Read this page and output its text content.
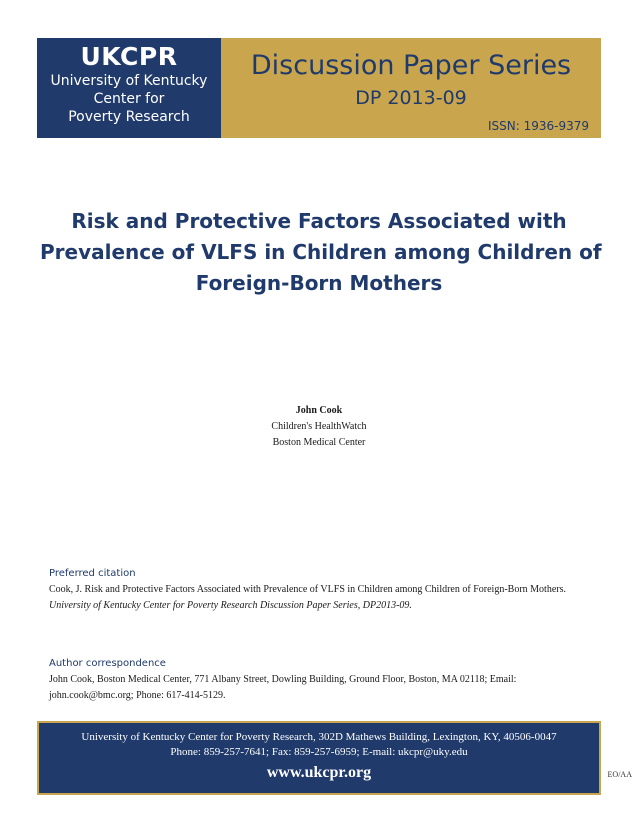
UKCPR
University of Kentucky
Center for
Poverty Research
Discussion Paper Series
DP 2013-09
ISSN: 1936-9379
Risk and Protective Factors Associated with
Prevalence of VLFS in Children among Children of
Foreign-Born Mothers
John Cook
Children's HealthWatch
Boston Medical Center
Preferred citation
Cook, J. Risk and Protective Factors Associated with Prevalence of VLFS in Children among Children of Foreign-Born Mothers. University of Kentucky Center for Poverty Research Discussion Paper Series, DP2013-09.
Author correspondence
John Cook, Boston Medical Center, 771 Albany Street, Dowling Building, Ground Floor, Boston, MA 02118; Email: john.cook@bmc.org; Phone: 617-414-5129.
University of Kentucky Center for Poverty Research, 302D Mathews Building, Lexington, KY, 40506-0047
Phone: 859-257-7641; Fax: 859-257-6959; E-mail: ukcpr@uky.edu
www.ukcpr.org	EO/AA
